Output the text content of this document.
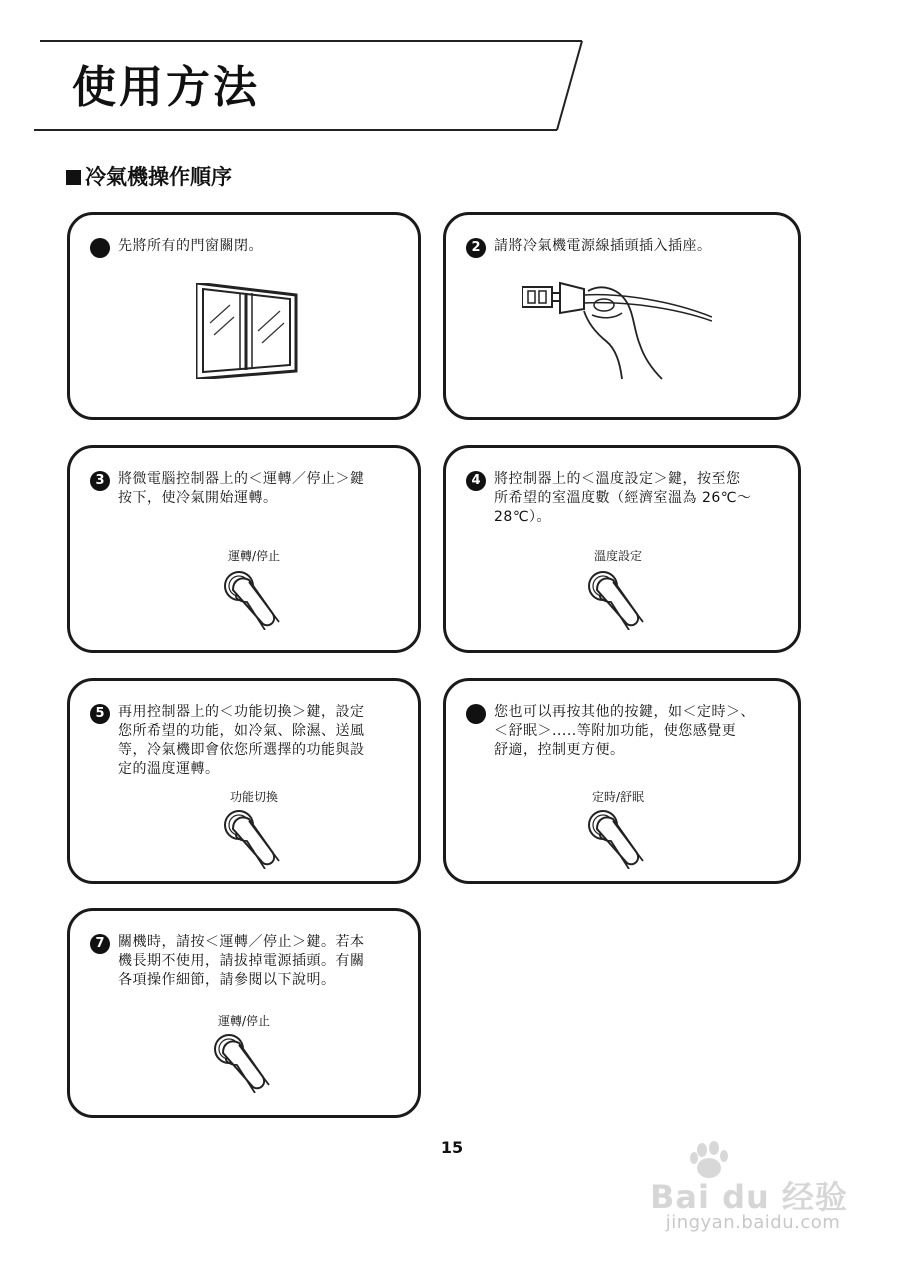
使用方法
冷氣機操作順序
先將所有的門窗關閉。	2 請將冷氣機電源線插頭插入插座。
3 將微電腦控制器上的＜運轉／停止＞鍵
按下，使冷氣開始運轉。
運轉/停止
4 將控制器上的＜溫度設定＞鍵，按至您
所希望的室溫度數（經濟室溫為 26℃～
28℃）。
溫度設定
5 再用控制器上的＜功能切換＞鍵，設定
您所希望的功能，如冷氣、除濕、送風
等，冷氣機即會依您所選擇的功能與設
定的溫度運轉。
功能切換
您也可以再按其他的按鍵，如＜定時＞、
＜舒眠＞.....等附加功能，使您感覺更
舒適，控制更方便。
定時/舒眠
7 關機時，請按＜運轉／停止＞鍵。若本
機長期不使用，請拔掉電源插頭。有關
各項操作細節，請參閱以下說明。
運轉/停止
15
Bai du 经验
jingyan.baidu.com
